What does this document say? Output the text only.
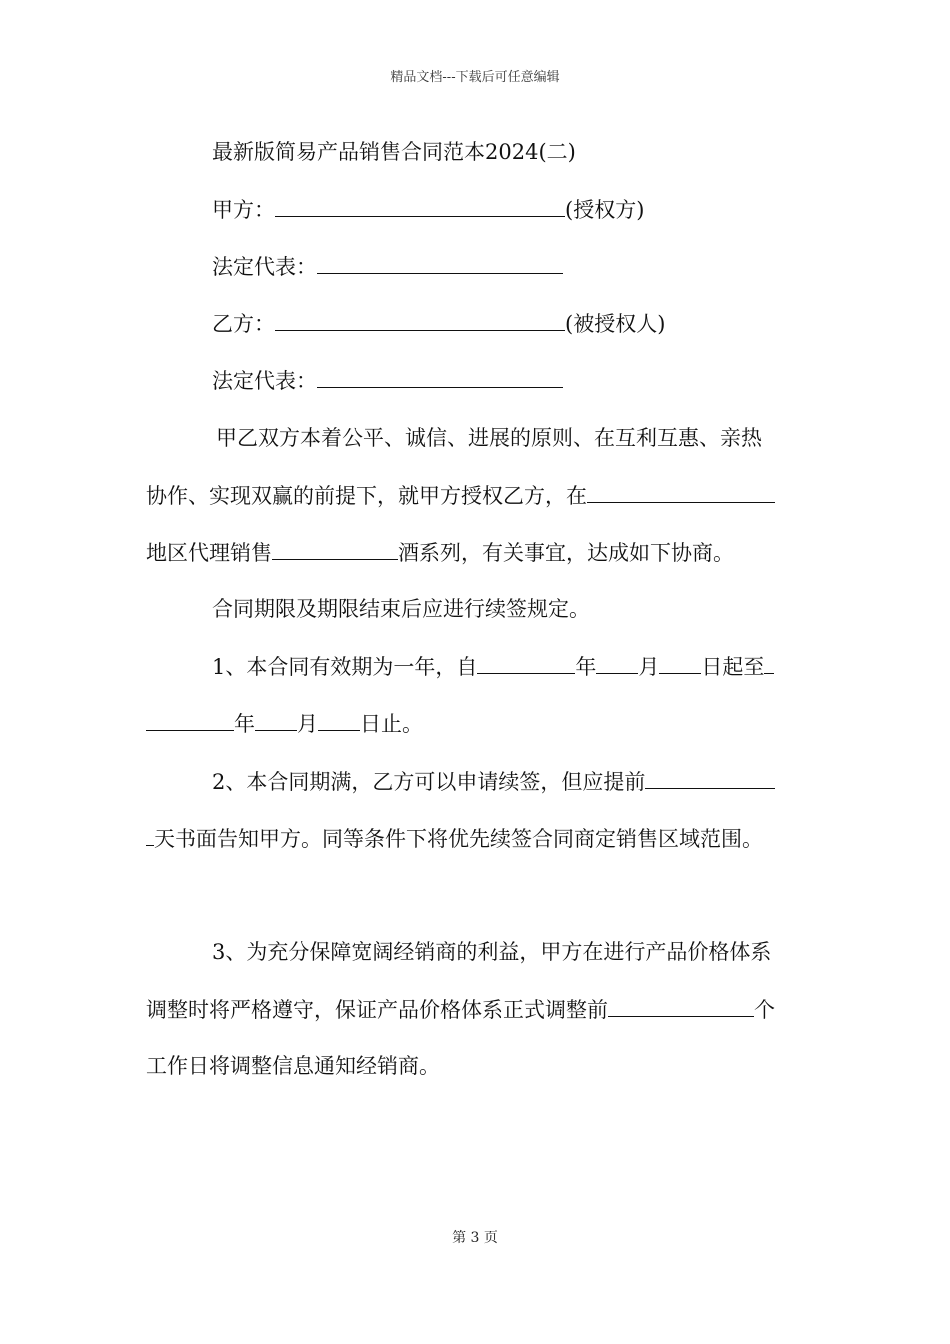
精品文档---下载后可任意编辑
最新版简易产品销售合同范本2024(二)
甲方：	(授权方)
法定代表：
乙方：	(被授权人)
法定代表：
甲乙双方本着公平、诚信、进展的原则、在互利互惠、亲热
协作、实现双赢的前提下，就甲方授权乙方，在
地区代理销售	酒系列，有关事宜，达成如下协商。
合同期限及期限结束后应进行续签规定。
1、本合同有效期为一年，自	年 月 日起至
年 月 日止。
2、本合同期满，乙方可以申请续签，但应提前
天书面告知甲方。同等条件下将优先续签合同商定销售区域范围。
3、为充分保障宽阔经销商的利益，甲方在进行产品价格体系
调整时将严格遵守，保证产品价格体系正式调整前	个
工作日将调整信息通知经销商。
第 3 页
